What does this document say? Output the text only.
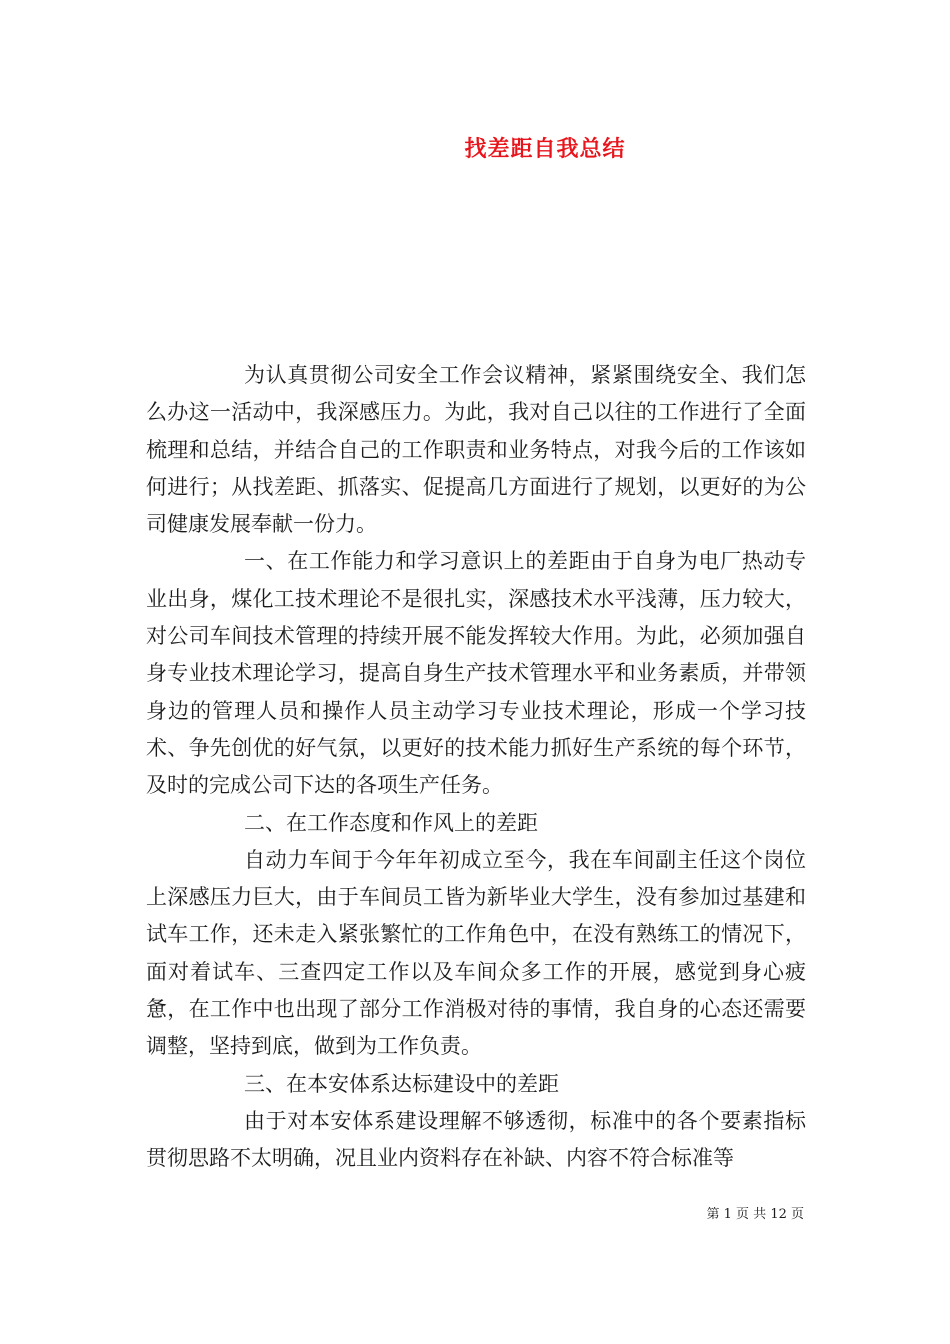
找差距自我总结

为认真贯彻公司安全工作会议精神，紧紧围绕安全、我们怎么办这一活动中，我深感压力。为此，我对自己以往的工作进行了全面梳理和总结，并结合自己的工作职责和业务特点，对我今后的工作该如何进行；从找差距、抓落实、促提高几方面进行了规划，以更好的为公司健康发展奉献一份力。

一、在工作能力和学习意识上的差距由于自身为电厂热动专业出身，煤化工技术理论不是很扎实，深感技术水平浅薄，压力较大，对公司车间技术管理的持续开展不能发挥较大作用。为此，必须加强自身专业技术理论学习，提高自身生产技术管理水平和业务素质，并带领身边的管理人员和操作人员主动学习专业技术理论，形成一个学习技术、争先创优的好气氛，以更好的技术能力抓好生产系统的每个环节，及时的完成公司下达的各项生产任务。

二、在工作态度和作风上的差距

自动力车间于今年年初成立至今，我在车间副主任这个岗位上深感压力巨大，由于车间员工皆为新毕业大学生，没有参加过基建和试车工作，还未走入紧张繁忙的工作角色中，在没有熟练工的情况下，面对着试车、三查四定工作以及车间众多工作的开展，感觉到身心疲惫，在工作中也出现了部分工作消极对待的事情，我自身的心态还需要调整，坚持到底，做到为工作负责。

三、在本安体系达标建设中的差距

由于对本安体系建设理解不够透彻，标准中的各个要素指标贯彻思路不太明确，况且业内资料存在补缺、内容不符合标准等

第 1 页 共 12 页
